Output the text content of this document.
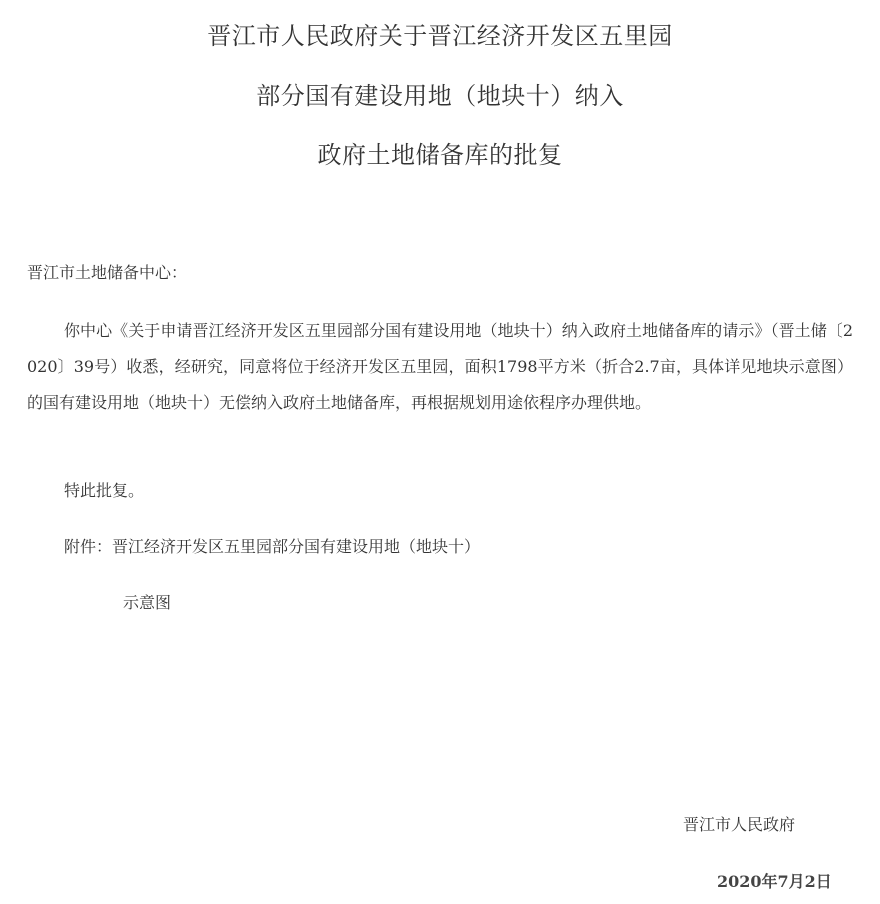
晋江市人民政府关于晋江经济开发区五里园
部分国有建设用地（地块十）纳入
政府土地储备库的批复
晋江市土地储备中心：
你中心《关于申请晋江经济开发区五里园部分国有建设用地（地块十）纳入政府土地储备库的请示》（晋土储〔2020〕39号）收悉，经研究，同意将位于经济开发区五里园，面积1798平方米（折合2.7亩，具体详见地块示意图）的国有建设用地（地块十）无偿纳入政府土地储备库，再根据规划用途依程序办理供地。
特此批复。
附件：晋江经济开发区五里园部分国有建设用地（地块十）
示意图
晋江市人民政府
2020年7月2日
